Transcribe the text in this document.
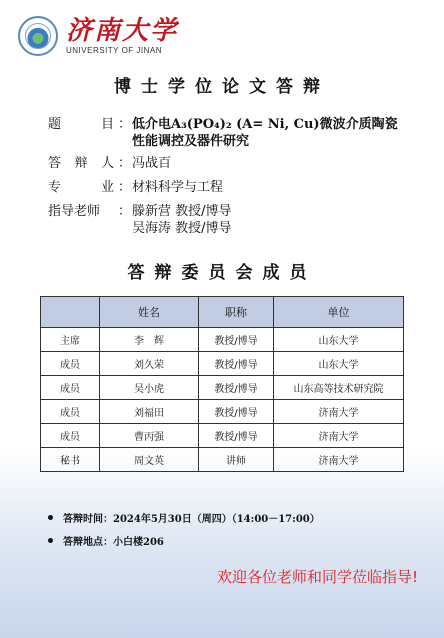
济南大学
UNIVERSITY OF JINAN
博士学位论文答辩
题	目 ： 低介电A₃(PO₄)₂ (A= Ni, Cu)微波介质陶瓷
性能调控及器件研究
答 辩 人 ： 冯战百
专	业 ： 材料科学与工程
指导老师	： 滕新营 教授/博导
吴海涛 教授/博导
答辩委员会成员
	姓名	职称	单位
主席	李　辉	教授/博导	山东大学
成员	刘久荣	教授/博导	山东大学
成员	吴小虎	教授/博导	山东高等技术研究院
成员	刘福田	教授/博导	济南大学
成员	曹丙强	教授/博导	济南大学
秘书	周文英	讲师	济南大学
答辩时间：2024年5月30日（周四）（14:00－17:00）
答辩地点：小白楼206
欢迎各位老师和同学莅临指导!
